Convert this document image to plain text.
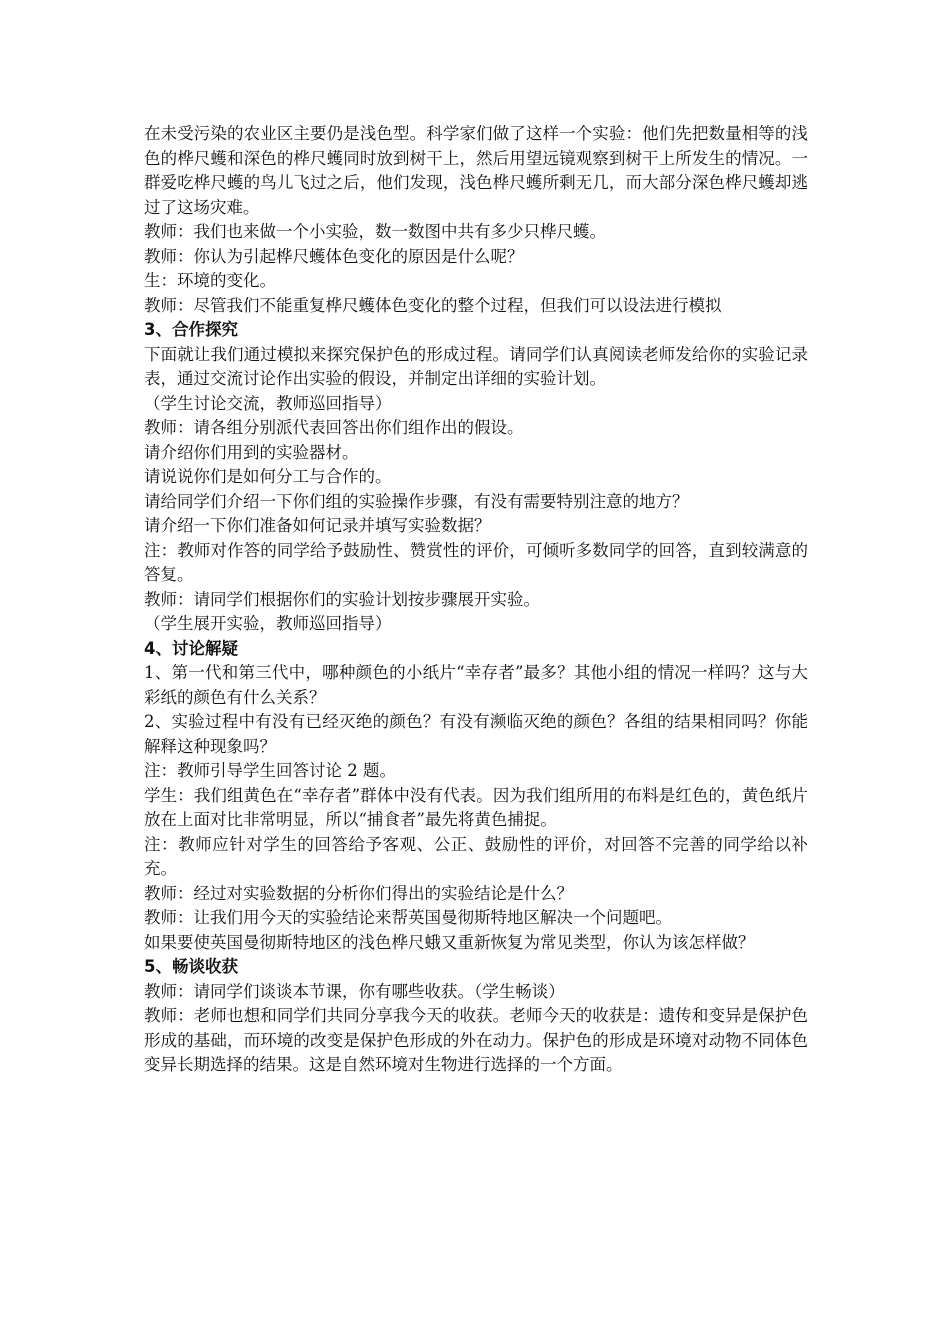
在未受污染的农业区主要仍是浅色型。科学家们做了这样一个实验：他们先把数量相等的浅色的桦尺蠖和深色的桦尺蠖同时放到树干上，然后用望远镜观察到树干上所发生的情况。一群爱吃桦尺蠖的鸟儿飞过之后，他们发现，浅色桦尺蠖所剩无几，而大部分深色桦尺蠖却逃过了这场灾难。

教师：我们也来做一个小实验，数一数图中共有多少只桦尺蠖。

教师：你认为引起桦尺蠖体色变化的原因是什么呢？

生：环境的变化。

教师：尽管我们不能重复桦尺蠖体色变化的整个过程，但我们可以设法进行模拟

3、合作探究

下面就让我们通过模拟来探究保护色的形成过程。请同学们认真阅读老师发给你的实验记录表，通过交流讨论作出实验的假设，并制定出详细的实验计划。

（学生讨论交流，教师巡回指导）

教师：请各组分别派代表回答出你们组作出的假设。

请介绍你们用到的实验器材。

请说说你们是如何分工与合作的。

请给同学们介绍一下你们组的实验操作步骤，有没有需要特别注意的地方？

请介绍一下你们准备如何记录并填写实验数据？

注：教师对作答的同学给予鼓励性、赞赏性的评价，可倾听多数同学的回答，直到较满意的答复。

教师：请同学们根据你们的实验计划按步骤展开实验。

（学生展开实验，教师巡回指导）

4、讨论解疑

1、第一代和第三代中，哪种颜色的小纸片“幸存者”最多？其他小组的情况一样吗？这与大彩纸的颜色有什么关系？

2、实验过程中有没有已经灭绝的颜色？有没有濒临灭绝的颜色？各组的结果相同吗？你能解释这种现象吗？

注：教师引导学生回答讨论 2 题。

学生：我们组黄色在“幸存者”群体中没有代表。因为我们组所用的布料是红色的，黄色纸片放在上面对比非常明显，所以“捕食者”最先将黄色捕捉。

注：教师应针对学生的回答给予客观、公正、鼓励性的评价，对回答不完善的同学给以补充。

教师：经过对实验数据的分析你们得出的实验结论是什么？

教师：让我们用今天的实验结论来帮英国曼彻斯特地区解决一个问题吧。

如果要使英国曼彻斯特地区的浅色桦尺蛾又重新恢复为常见类型，你认为该怎样做？

5、畅谈收获

教师：请同学们谈谈本节课，你有哪些收获。（学生畅谈）

教师：老师也想和同学们共同分享我今天的收获。老师今天的收获是：遗传和变异是保护色形成的基础，而环境的改变是保护色形成的外在动力。保护色的形成是环境对动物不同体色变异长期选择的结果。这是自然环境对生物进行选择的一个方面。
